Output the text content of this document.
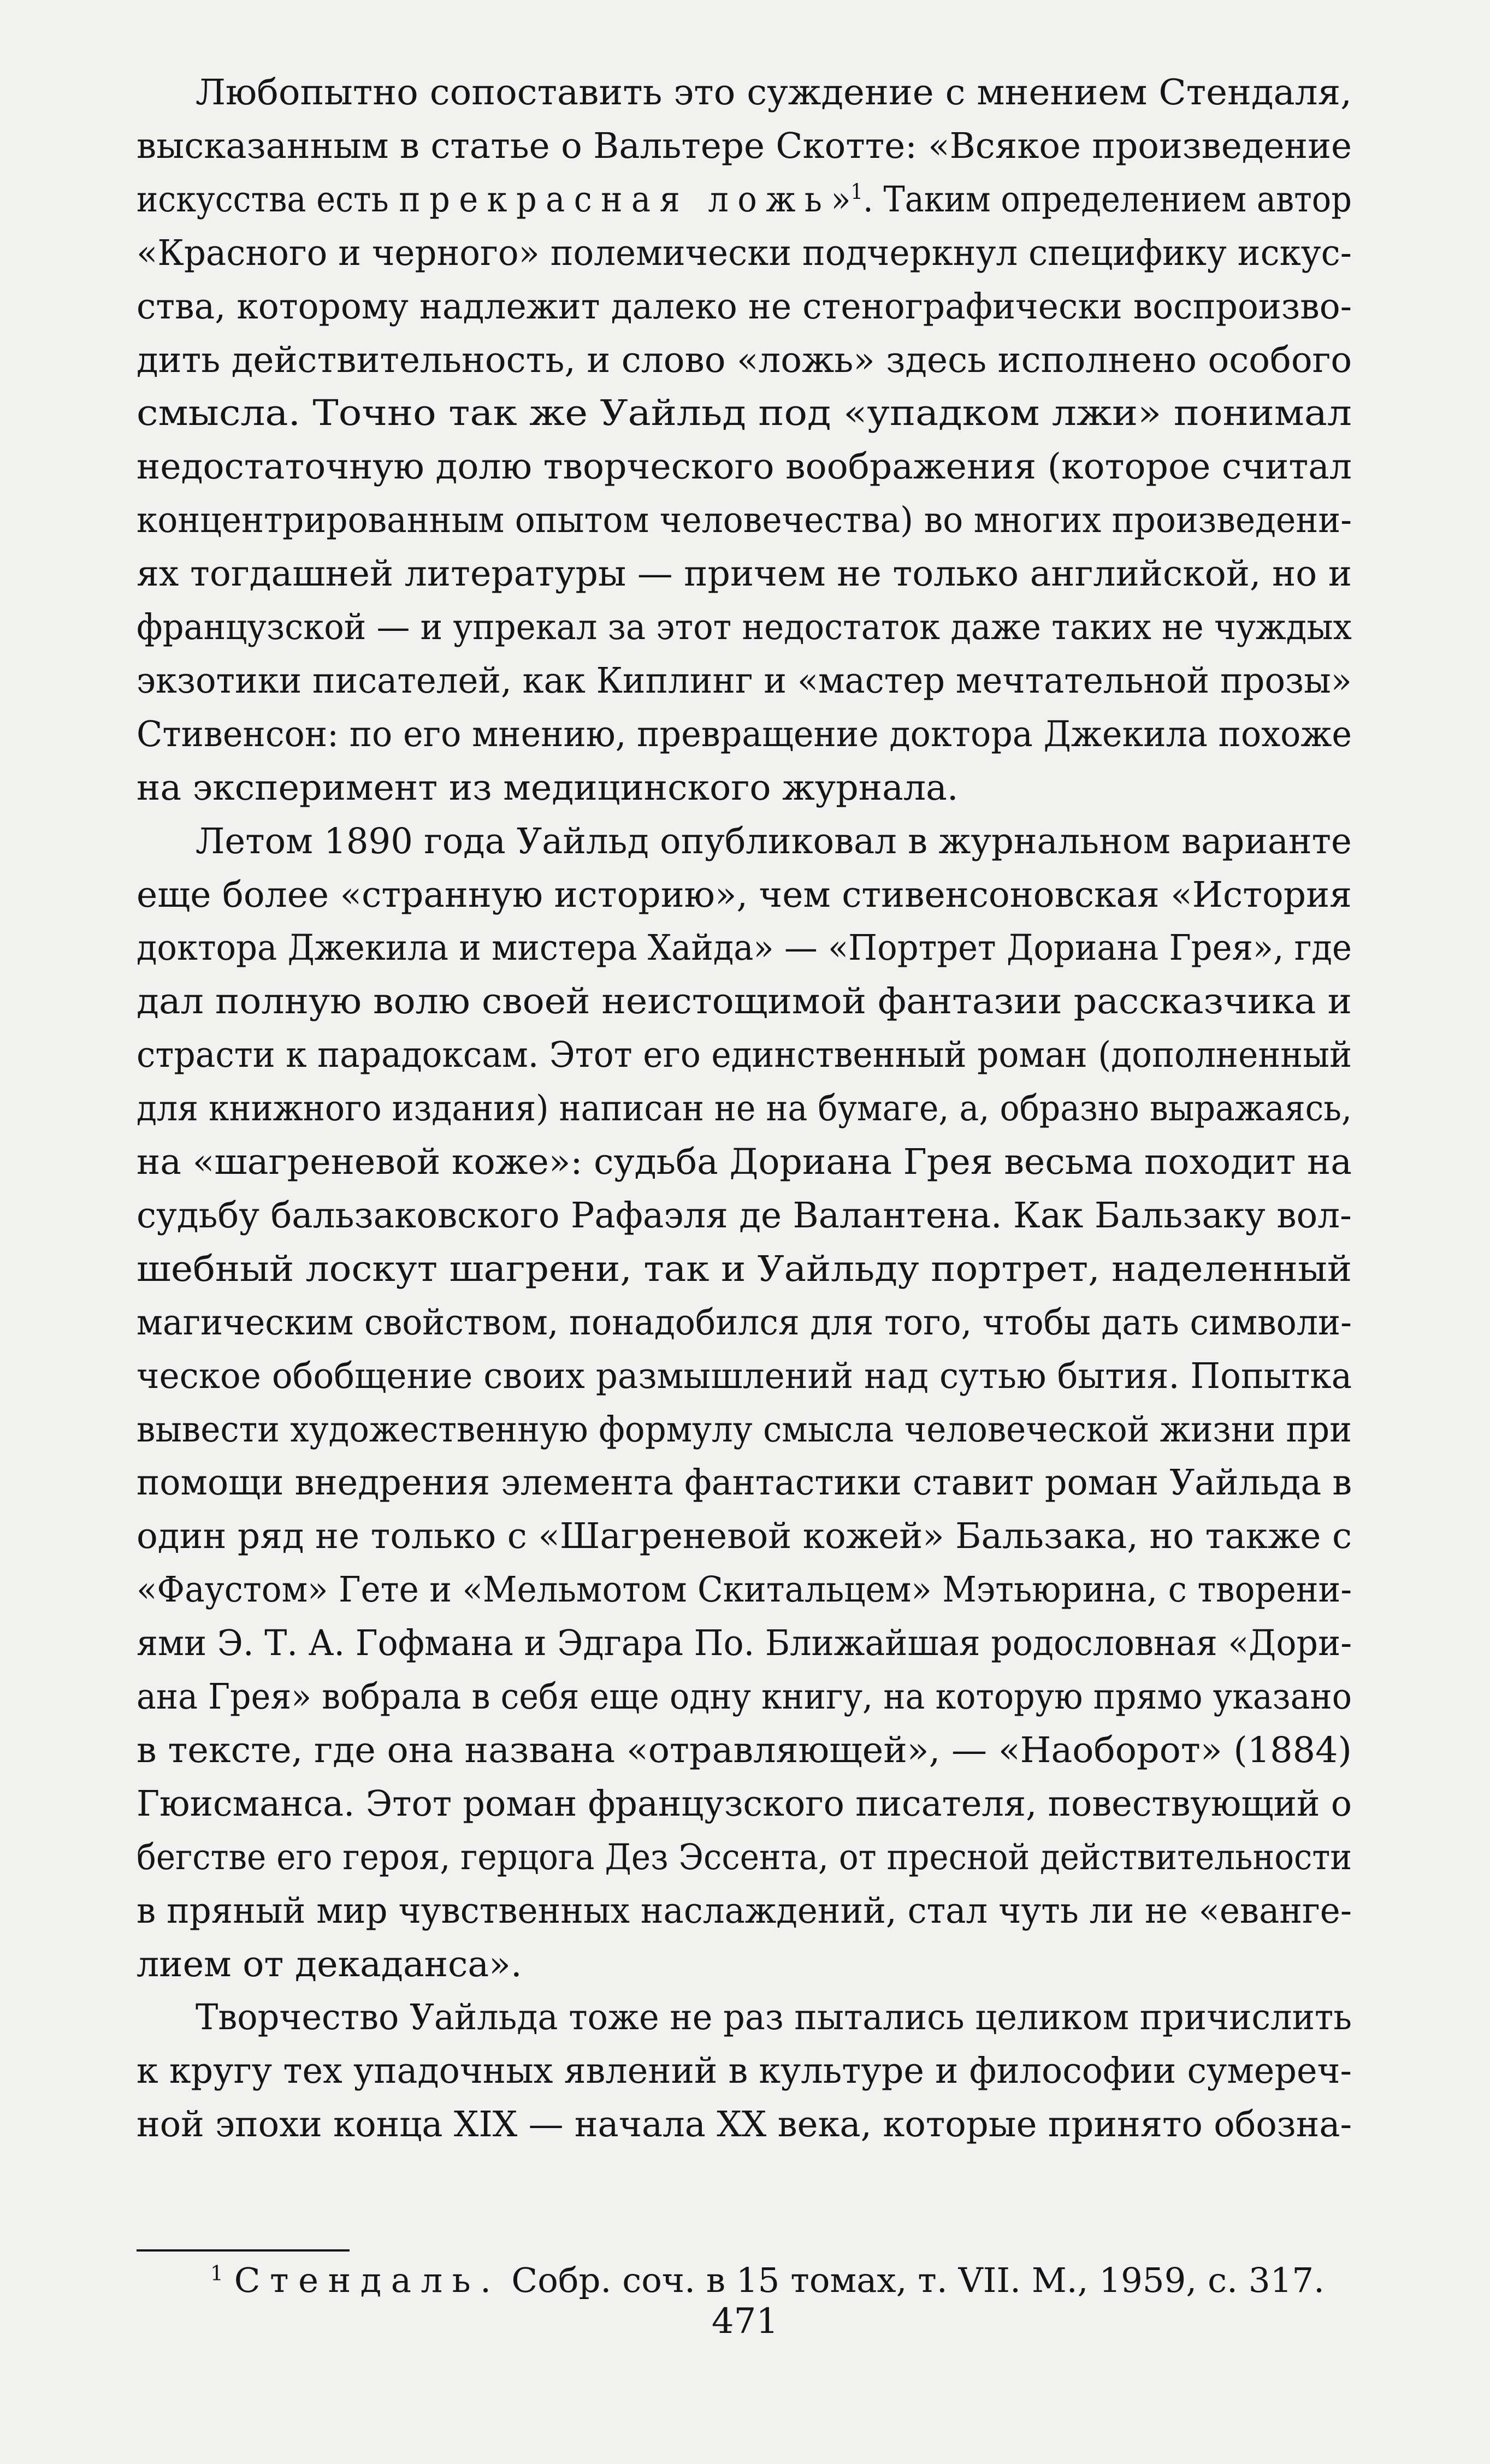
Любопытно сопоставить это суждение с мнением Стендаля,
высказанным в статье о Вальтере Скотте: «Всякое произведение
искусства есть прекрасная ложь»$^1$. Таким определением автор
«Красного и черного» полемически подчеркнул специфику искус-
ства, которому надлежит далеко не стенографически воспроизво-
дить действительность, и слово «ложь» здесь исполнено особого
смысла. Точно так же Уайльд под «упадком лжи» понимал
недостаточную долю творческого воображения (которое считал
концентрированным опытом человечества) во многих произведени-
ях тогдашней литературы — причем не только английской, но и
французской — и упрекал за этот недостаток даже таких не чуждых
экзотики писателей, как Киплинг и «мастер мечтательной прозы»
Стивенсон: по его мнению, превращение доктора Джекила похоже
на эксперимент из медицинского журнала.
Летом 1890 года Уайльд опубликовал в журнальном варианте
еще более «странную историю», чем стивенсоновская «История
доктора Джекила и мистера Хайда» — «Портрет Дориана Грея», где
дал полную волю своей неистощимой фантазии рассказчика и
страсти к парадоксам. Этот его единственный роман (дополненный
для книжного издания) написан не на бумаге, а, образно выражаясь,
на «шагреневой коже»: судьба Дориана Грея весьма походит на
судьбу бальзаковского Рафаэля де Валантена. Как Бальзаку вол-
шебный лоскут шагрени, так и Уайльду портрет, наделенный
магическим свойством, понадобился для того, чтобы дать символи-
ческое обобщение своих размышлений над сутью бытия. Попытка
вывести художественную формулу смысла человеческой жизни при
помощи внедрения элемента фантастики ставит роман Уайльда в
один ряд не только с «Шагреневой кожей» Бальзака, но также с
«Фаустом» Гете и «Мельмотом Скитальцем» Мэтьюрина, с творени-
ями Э. Т. А. Гофмана и Эдгара По. Ближайшая родословная «Дори-
ана Грея» вобрала в себя еще одну книгу, на которую прямо указано
в тексте, где она названа «отравляющей», — «Наоборот» (1884)
Гюисманса. Этот роман французского писателя, повествующий о
бегстве его героя, герцога Дез Эссента, от пресной действительности
в пряный мир чувственных наслаждений, стал чуть ли не «еванге-
лием от декаданса».
Творчество Уайльда тоже не раз пытались целиком причислить
к кругу тех упадочных явлений в культуре и философии сумереч-
ной эпохи конца XIX — начала XX века, которые принято обозна-
$^1$ Стендаль. Собр. соч. в 15 томах, т. VII. М., 1959, с. 317.
471
